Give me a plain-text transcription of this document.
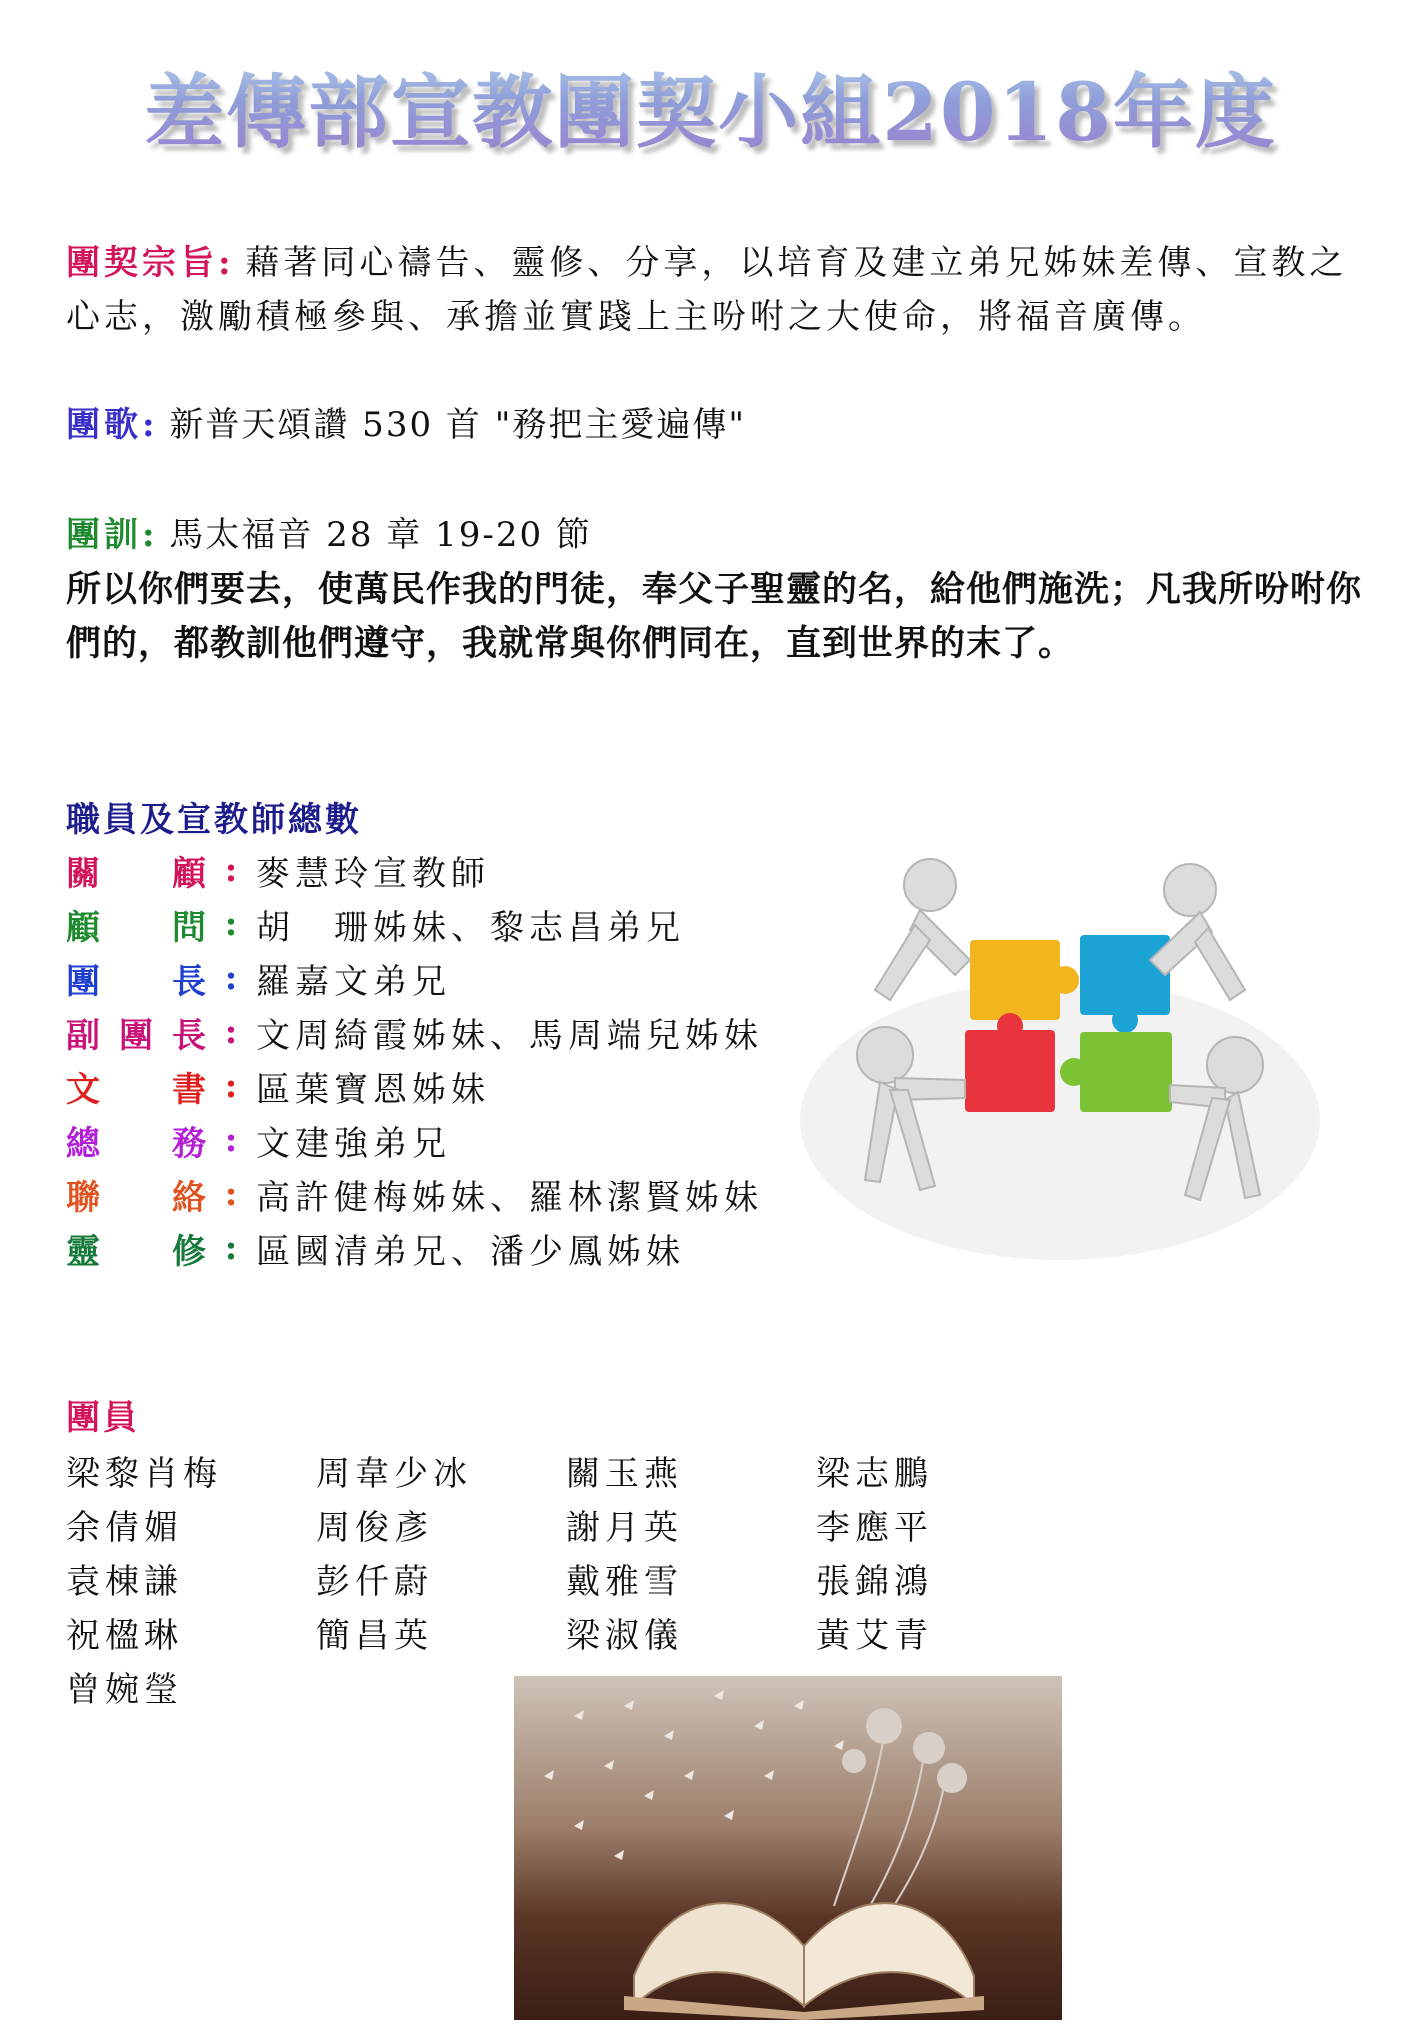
差傳部宣教團契小組2018年度
團契宗旨: 藉著同心禱告、靈修、分享，以培育及建立弟兄姊妹差傳、宣教之心志，激勵積極參與、承擔並實踐上主吩咐之大使命，將福音廣傳。
團歌: 新普天頌讚 530 首 "務把主愛遍傳"
團訓: 馬太福音 28 章 19-20 節
所以你們要去，使萬民作我的門徒，奉父子聖靈的名，給他們施洗；凡我所吩咐你們的，都教訓他們遵守，我就常與你們同在，直到世界的末了。
職員及宣教師總數
關 顧 : 麥慧玲宣教師
顧 問 : 胡　珊姊妹、黎志昌弟兄
團 長 : 羅嘉文弟兄
副 團 長 : 文周綺霞姊妹、馬周端兒姊妹
文 書 : 區葉寶恩姊妹
總 務 : 文建強弟兄
聯 絡 : 高許健梅姊妹、羅林潔賢姊妹
靈 修 : 區國清弟兄、潘少鳳姊妹
團員
梁黎肖梅	周韋少冰	關玉燕	梁志鵬
余倩媚	周俊彥	謝月英	李應平
袁棟謙	彭仟蔚	戴雅雪	張錦鴻
祝楹琳	簡昌英	梁淑儀	黃艾青
曾婉瑩
